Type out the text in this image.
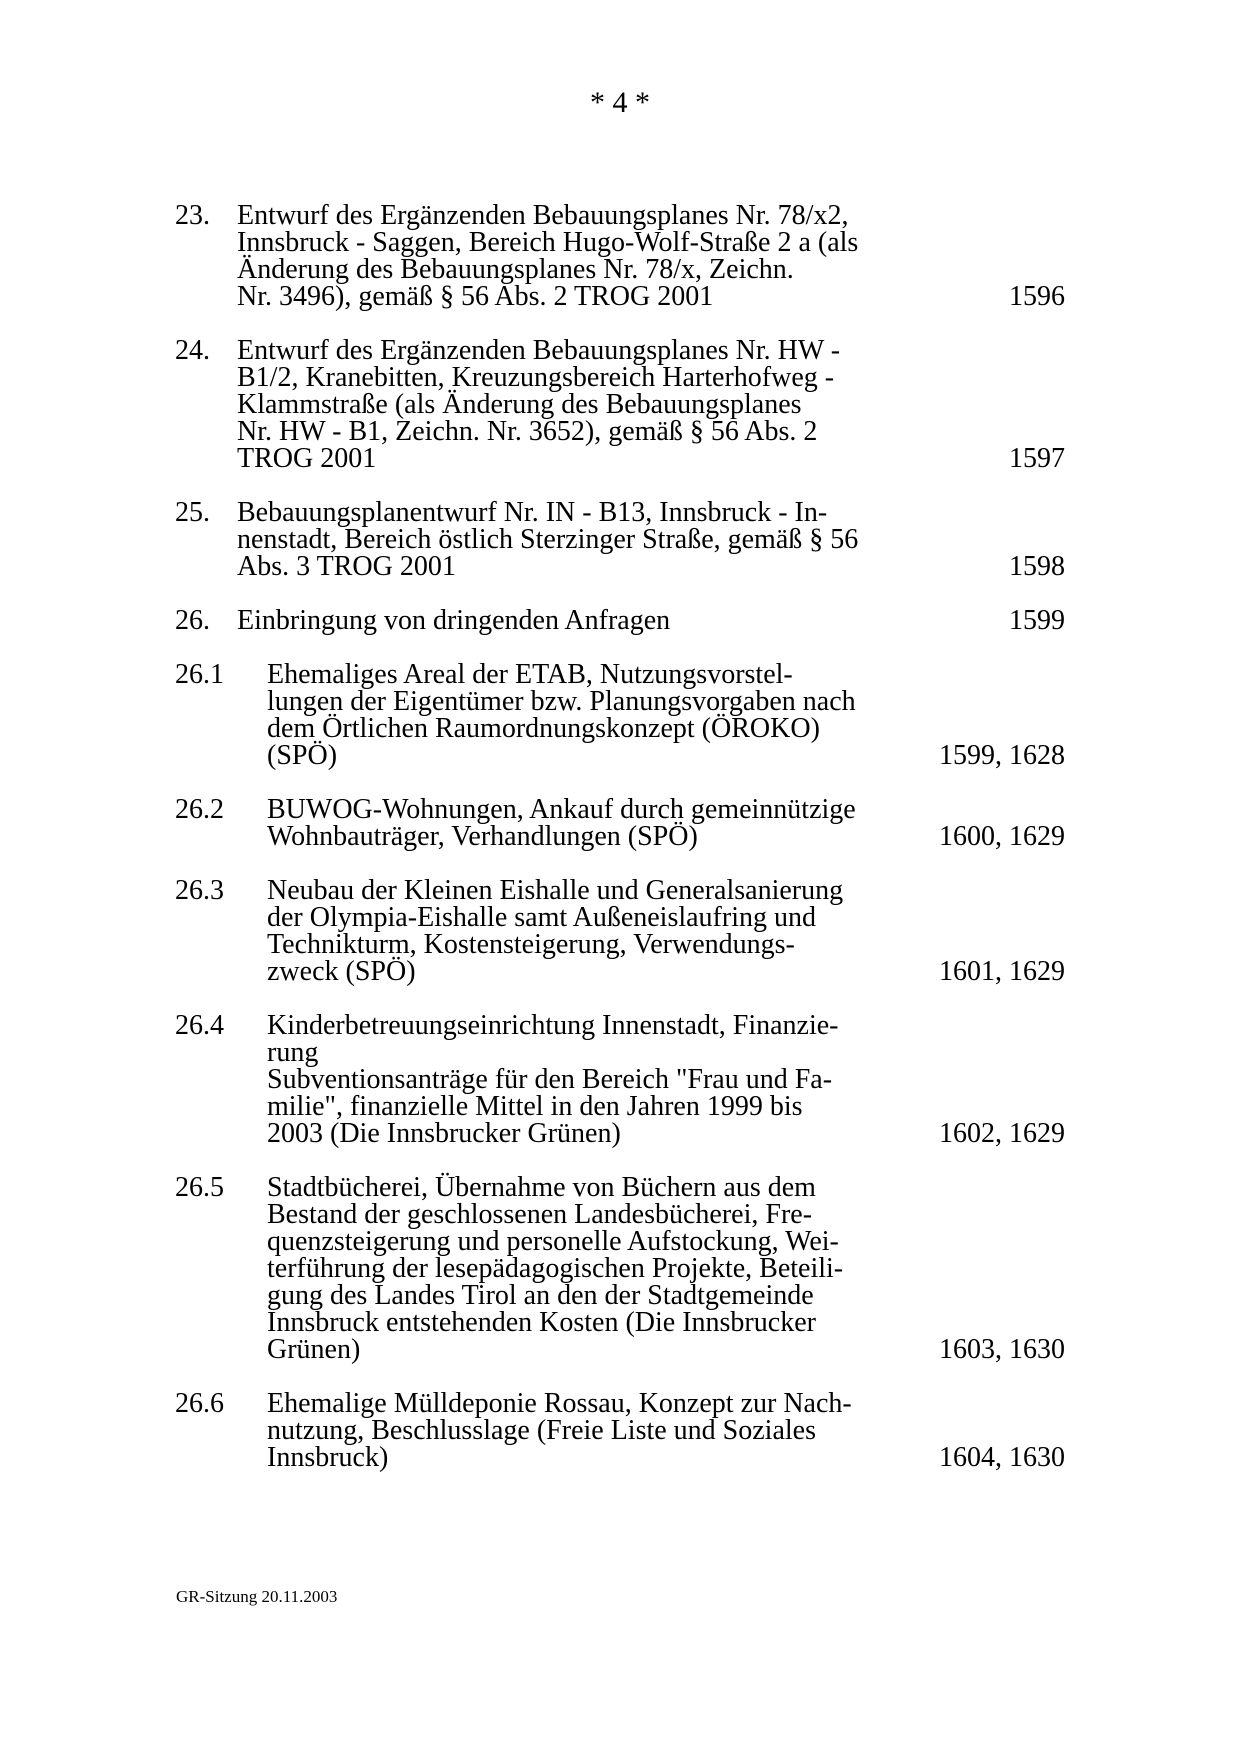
* 4 *
23. Entwurf des Ergänzenden Bebauungsplanes Nr. 78/x2,
Innsbruck - Saggen, Bereich Hugo-Wolf-Straße 2 a (als
Änderung des Bebauungsplanes Nr. 78/x, Zeichn.
Nr. 3496), gemäß § 56 Abs. 2 TROG 2001	1596
24. Entwurf des Ergänzenden Bebauungsplanes Nr. HW -
B1/2, Kranebitten, Kreuzungsbereich Harterhofweg -
Klammstraße (als Änderung des Bebauungsplanes
Nr. HW - B1, Zeichn. Nr. 3652), gemäß § 56 Abs. 2
TROG 2001	1597
25. Bebauungsplanentwurf Nr. IN - B13, Innsbruck - In-
nenstadt, Bereich östlich Sterzinger Straße, gemäß § 56
Abs. 3 TROG 2001	1598
26. Einbringung von dringenden Anfragen	1599
26.1 Ehemaliges Areal der ETAB, Nutzungsvorstel-
lungen der Eigentümer bzw. Planungsvorgaben nach
dem Örtlichen Raumordnungskonzept (ÖROKO)
(SPÖ)	1599, 1628
26.2 BUWOG-Wohnungen, Ankauf durch gemeinnützige
Wohnbauträger, Verhandlungen (SPÖ)	1600, 1629
26.3 Neubau der Kleinen Eishalle und Generalsanierung
der Olympia-Eishalle samt Außeneislaufring und
Technikturm, Kostensteigerung, Verwendungs-
zweck (SPÖ)	1601, 1629
26.4 Kinderbetreuungseinrichtung Innenstadt, Finanzie-
rung
Subventionsanträge für den Bereich "Frau und Fa-
milie", finanzielle Mittel in den Jahren 1999 bis
2003 (Die Innsbrucker Grünen)	1602, 1629
26.5 Stadtbücherei, Übernahme von Büchern aus dem
Bestand der geschlossenen Landesbücherei, Fre-
quenzsteigerung und personelle Aufstockung, Wei-
terführung der lesepädagogischen Projekte, Beteili-
gung des Landes Tirol an den der Stadtgemeinde
Innsbruck entstehenden Kosten (Die Innsbrucker
Grünen)	1603, 1630
26.6 Ehemalige Mülldeponie Rossau, Konzept zur Nach-
nutzung, Beschlusslage (Freie Liste und Soziales
Innsbruck)	1604, 1630
GR-Sitzung 20.11.2003
